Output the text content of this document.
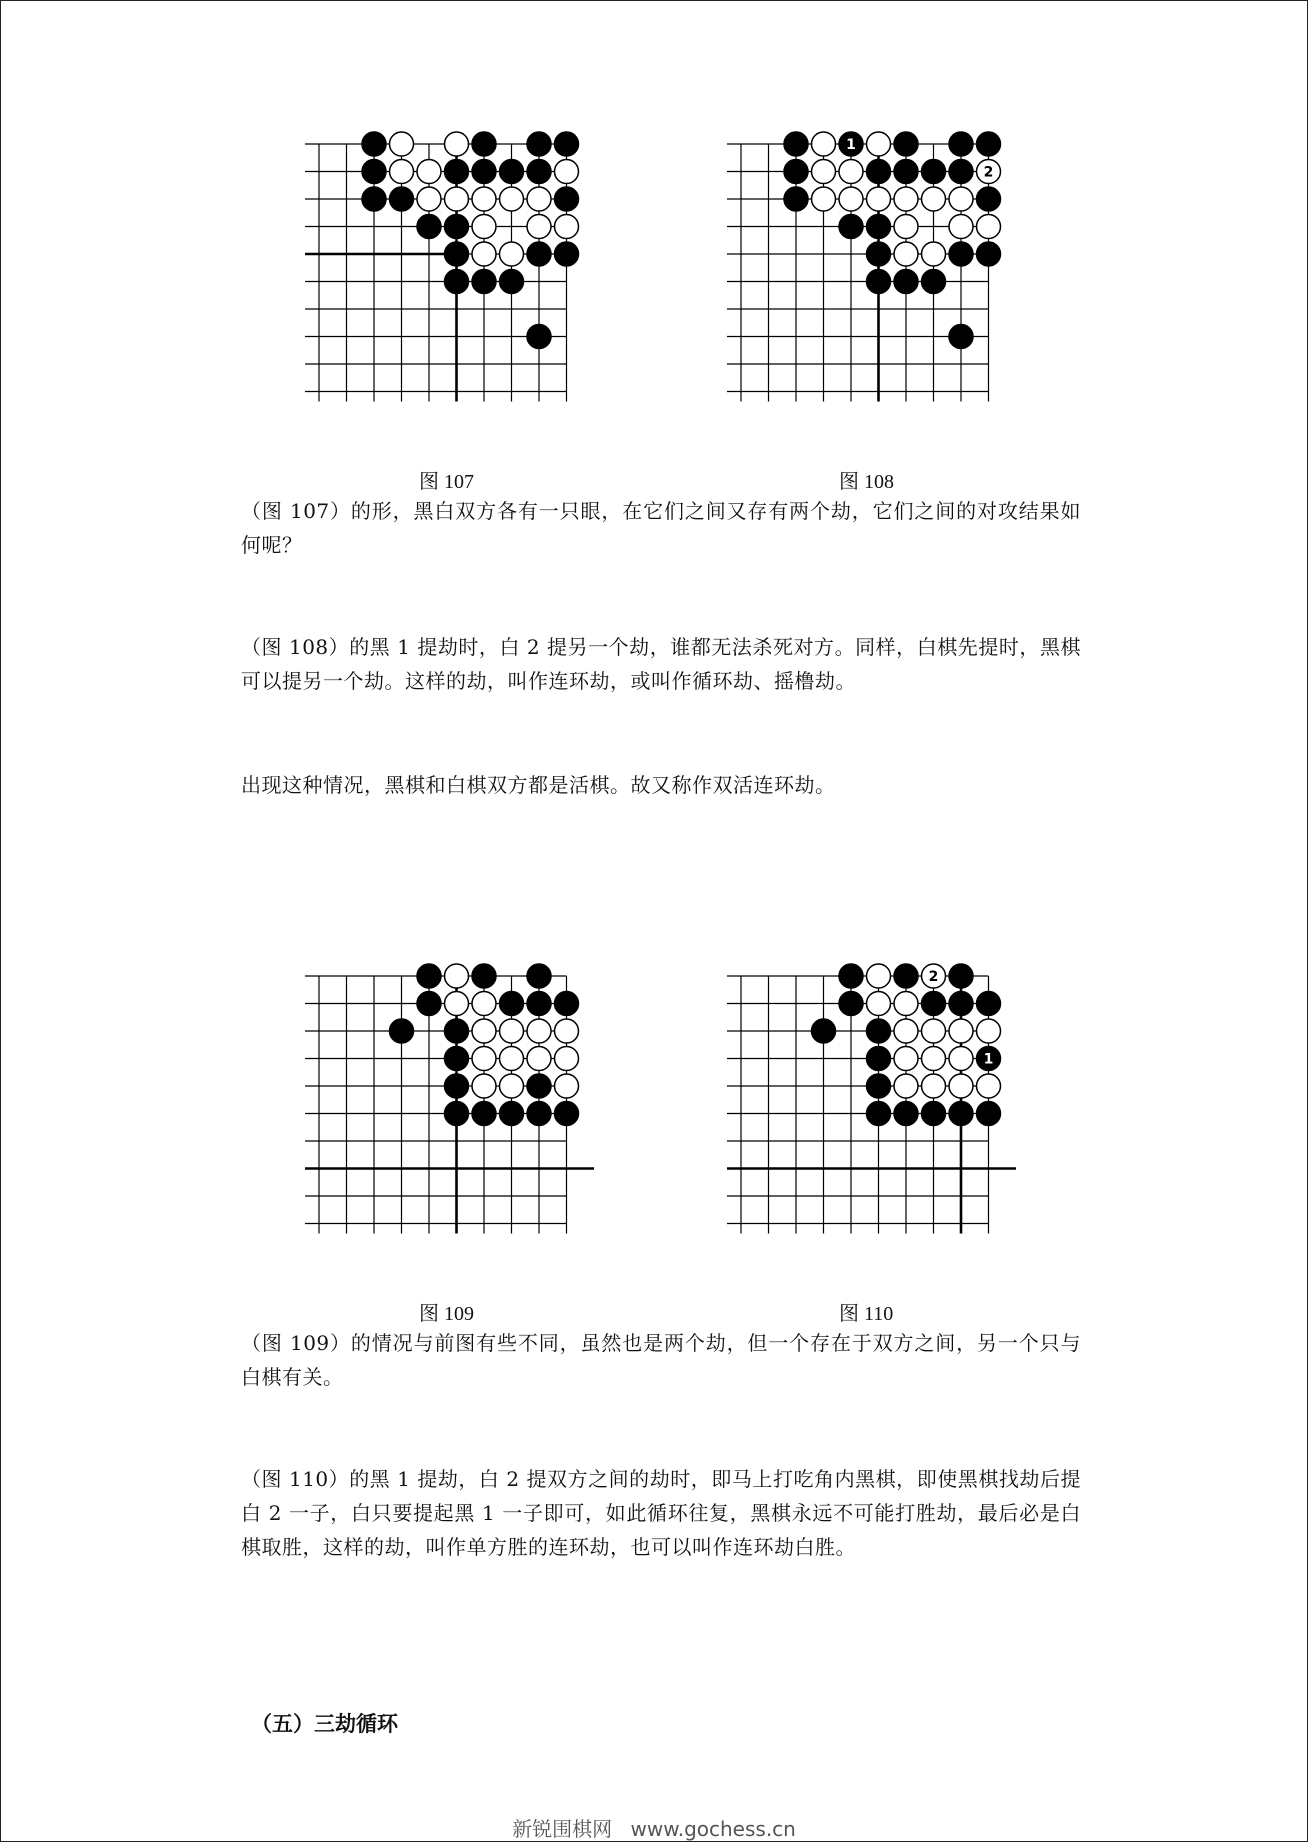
图 107
1
2
图 108

（图 107）的形，黑白双方各有一只眼，在它们之间又存有两个劫，它们之间的对攻结果如何呢？

（图 108）的黑 1 提劫时，白 2 提另一个劫，谁都无法杀死对方。同样，白棋先提时，黑棋可以提另一个劫。这样的劫，叫作连环劫，或叫作循环劫、摇橹劫。

出现这种情况，黑棋和白棋双方都是活棋。故又称作双活连环劫。

图 109
1
2
图 110

（图 109）的情况与前图有些不同，虽然也是两个劫，但一个存在于双方之间，另一个只与白棋有关。

（图 110）的黑 1 提劫，白 2 提双方之间的劫时，即马上打吃角内黑棋，即使黑棋找劫后提白 2 一子，白只要提起黑 1 一子即可，如此循环往复，黑棋永远不可能打胜劫，最后必是白棋取胜，这样的劫，叫作单方胜的连环劫，也可以叫作连环劫白胜。

（五）三劫循环
新锐围棋网 www.gochess.cn
